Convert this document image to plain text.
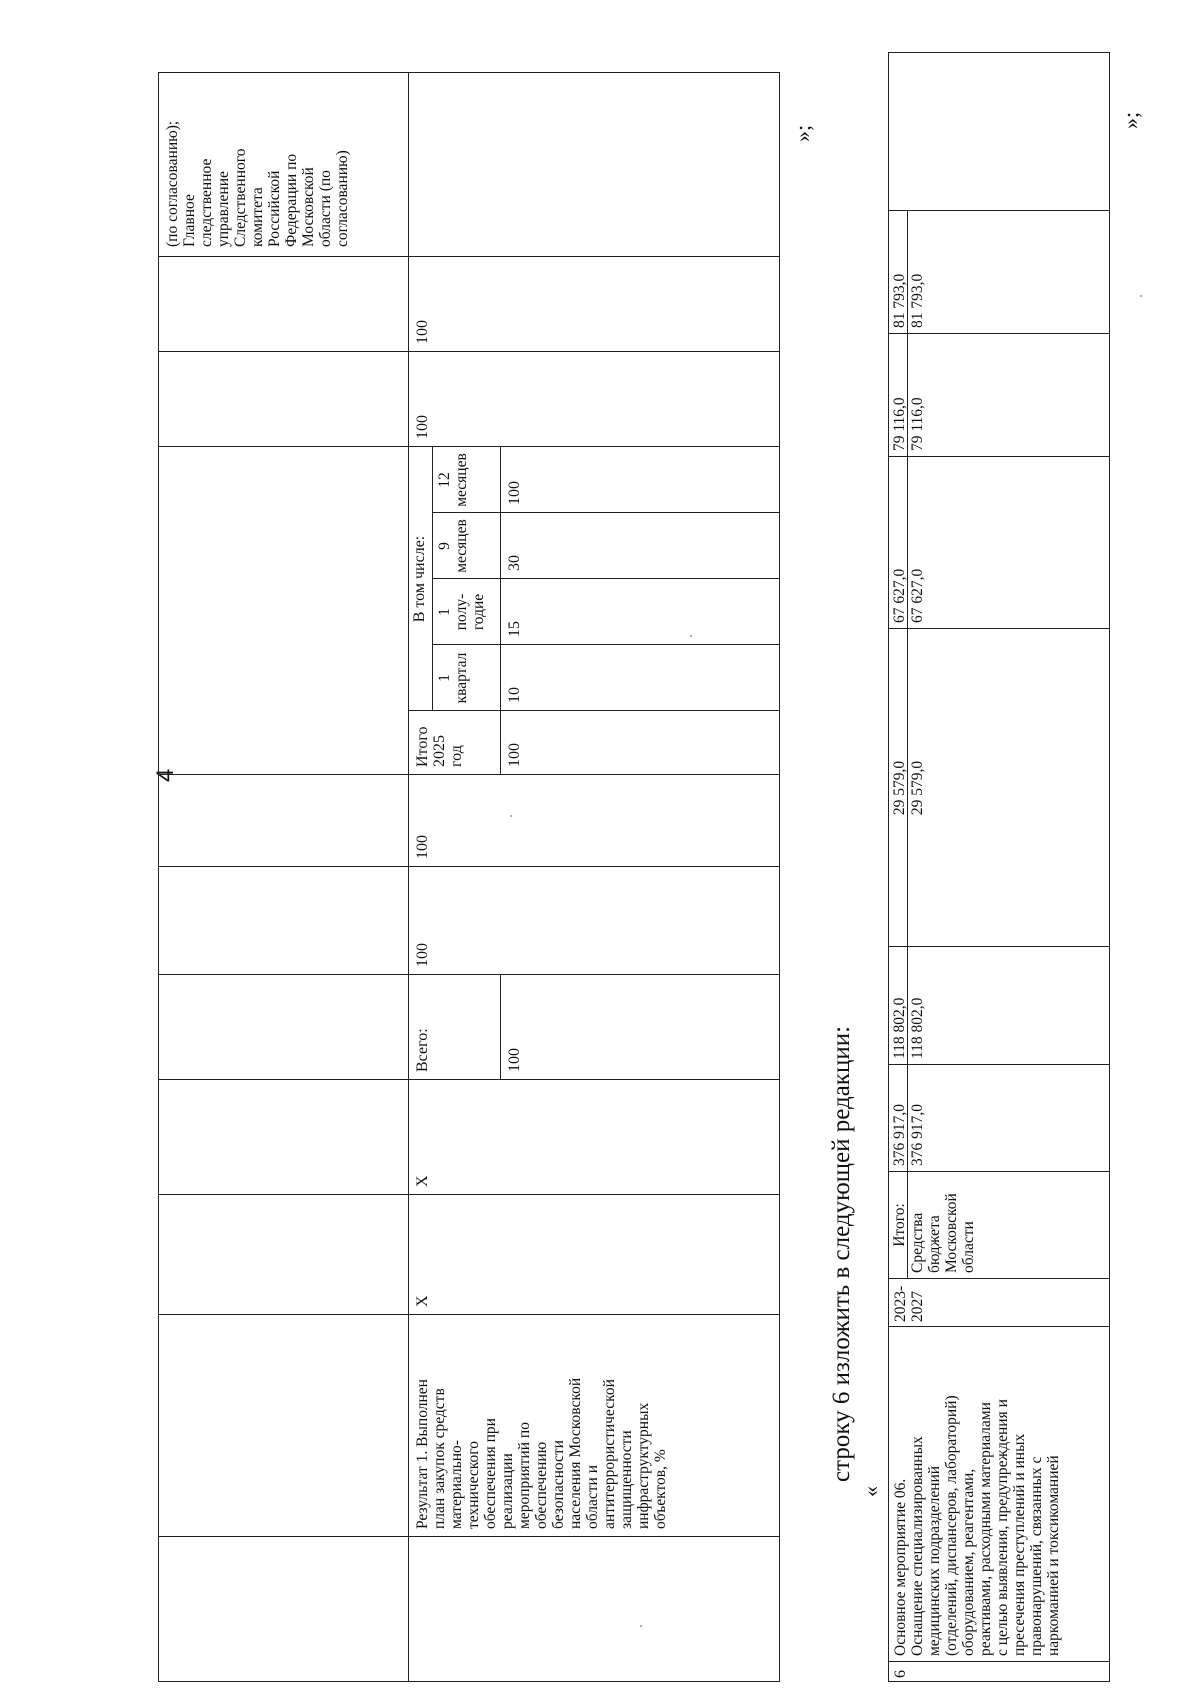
4
(по согласованию);
Главное
следственное
управление
Следственного
комитета
Российской
Федерации по
Московской
области (по
согласованию)
Результат 1. Выполнен
план закупок средств
материально-
технического
обеспечения при
реализации
мероприятий по
обеспечению
безопасности
населения Московской
области и
антитеррористической
защищенности
инфраструктурных
объектов, %
X
X
Всего:	100
100
100
Итого
2025
год
В том числе:
1
квартал
1
полу-
годие
9
месяцев
12
месяцев
100
10
15
30
100
100
100
»;
строку 6 изложить в следующей редакции:
«
6
Основное мероприятие 06.
Оснащение специализированных
медицинских подразделений
(отделений, диспансеров, лабораторий)
оборудованием, реагентами,
реактивами, расходными материалами
с целью выявления, предупреждения и
пресечения преступлений и иных
правонарушений, связанных с
наркоманией и токсикоманией
2023-
2027
Итого: Средства
бюджета
Московской
области
376 917,0
118 802,0
29 579,0
67 627,0
79 116,0
81 793,0
376 917,0
118 802,0
29 579,0
67 627,0
79 116,0
81 793,0
»;
